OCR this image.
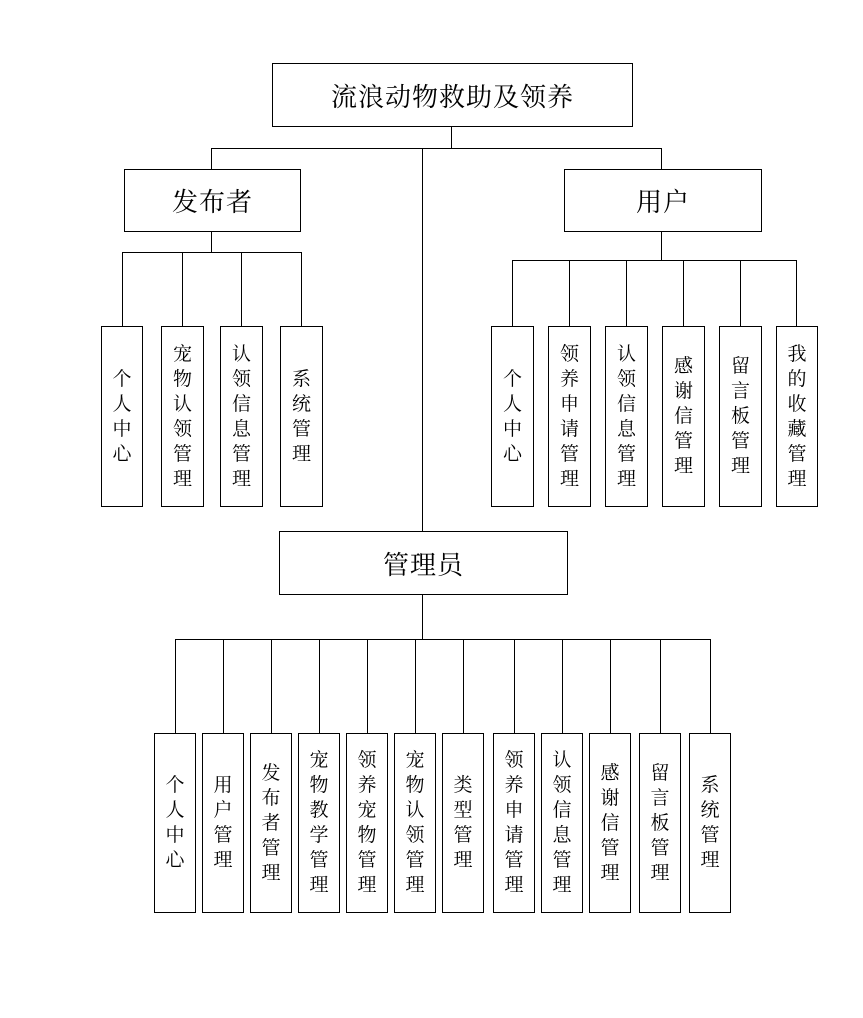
流浪动物救助及领养
发布者	用户
管理员
个人中心
宠物认领管理
认领信息管理
系统管理
个人中心
领养申请管理
认领信息管理
感谢信管理
留言板管理
我的收藏管理
个人中心
用户管理
发布者管理
宠物教学管理
领养宠物管理
宠物认领管理
类型管理
领养申请管理
认领信息管理
感谢信管理
留言板管理
系统管理
